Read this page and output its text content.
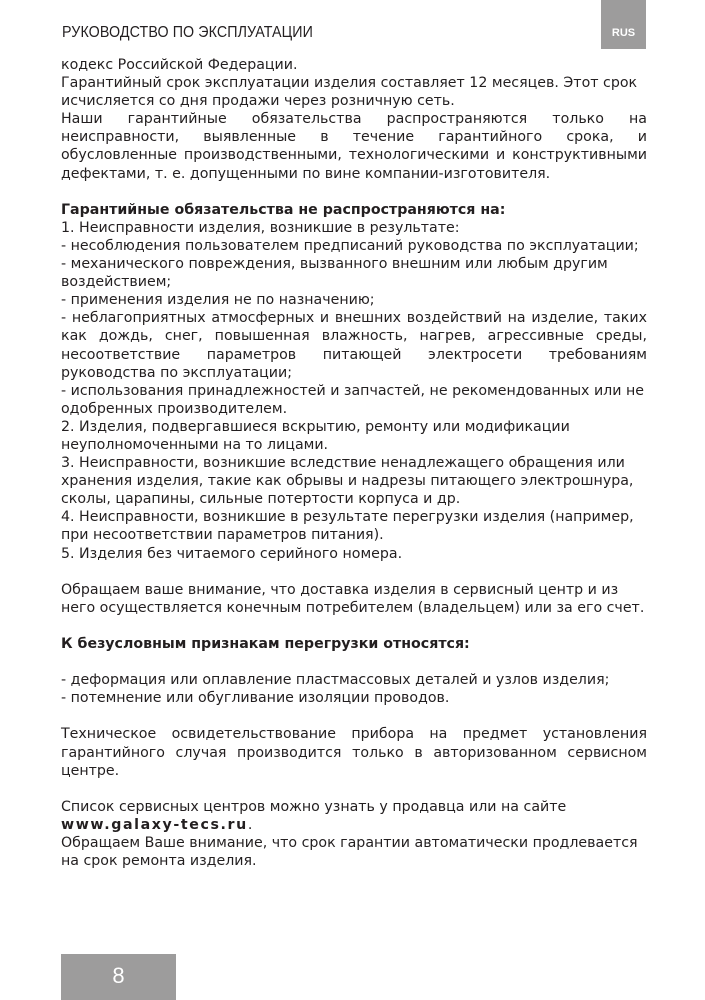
РУКОВОДСТВО ПО ЭКСПЛУАТАЦИИ	RUS

кодекс Российской Федерации.

Гарантийный срок эксплуатации изделия составляет 12 месяцев. Этот срок исчисляется со дня продажи через розничную сеть.

Наши гарантийные обязательства распространяются только на неисправности, выявленные в течение гарантийного срока, и обусловленные производственными, технологическими и конструктивными дефектами, т. е. допущенными по вине компании-изготовителя.

Гарантийные обязательства не распространяются на:

1. Неисправности изделия, возникшие в результате:

- несоблюдения пользователем предписаний руководства по эксплуатации;

- механического повреждения, вызванного внешним или любым другим воздействием;

- применения изделия не по назначению;

- неблагоприятных атмосферных и внешних воздействий на изделие, таких как дождь, снег, повышенная влажность, нагрев, агрессивные среды, несоответствие параметров питающей электросети требованиям руководства по эксплуатации;

- использования принадлежностей и запчастей, не рекомендованных или не одобренных производителем.

2. Изделия, подвергавшиеся вскрытию, ремонту или модификации неуполномоченными на то лицами.

3. Неисправности, возникшие вследствие ненадлежащего обращения или хранения изделия, такие как обрывы и надрезы питающего электрошнура, сколы, царапины, сильные потертости корпуса и др.

4. Неисправности, возникшие в результате перегрузки изделия (например, при несоответствии параметров питания).

5. Изделия без читаемого серийного номера.

Обращаем ваше внимание, что доставка изделия в сервисный центр и из него осуществляется конечным потребителем (владельцем) или за его счет.

К безусловным признакам перегрузки относятся:

- деформация или оплавление пластмассовых деталей и узлов изделия;

- потемнение или обугливание изоляции проводов.

Техническое освидетельствование прибора на предмет установления гарантийного случая производится только в авторизованном сервисном центре.

Список сервисных центров можно узнать у продавца или на сайте

www.galaxy-tecs.ru.

Обращаем Ваше внимание, что срок гарантии автоматически продлевается на срок ремонта изделия.

8
